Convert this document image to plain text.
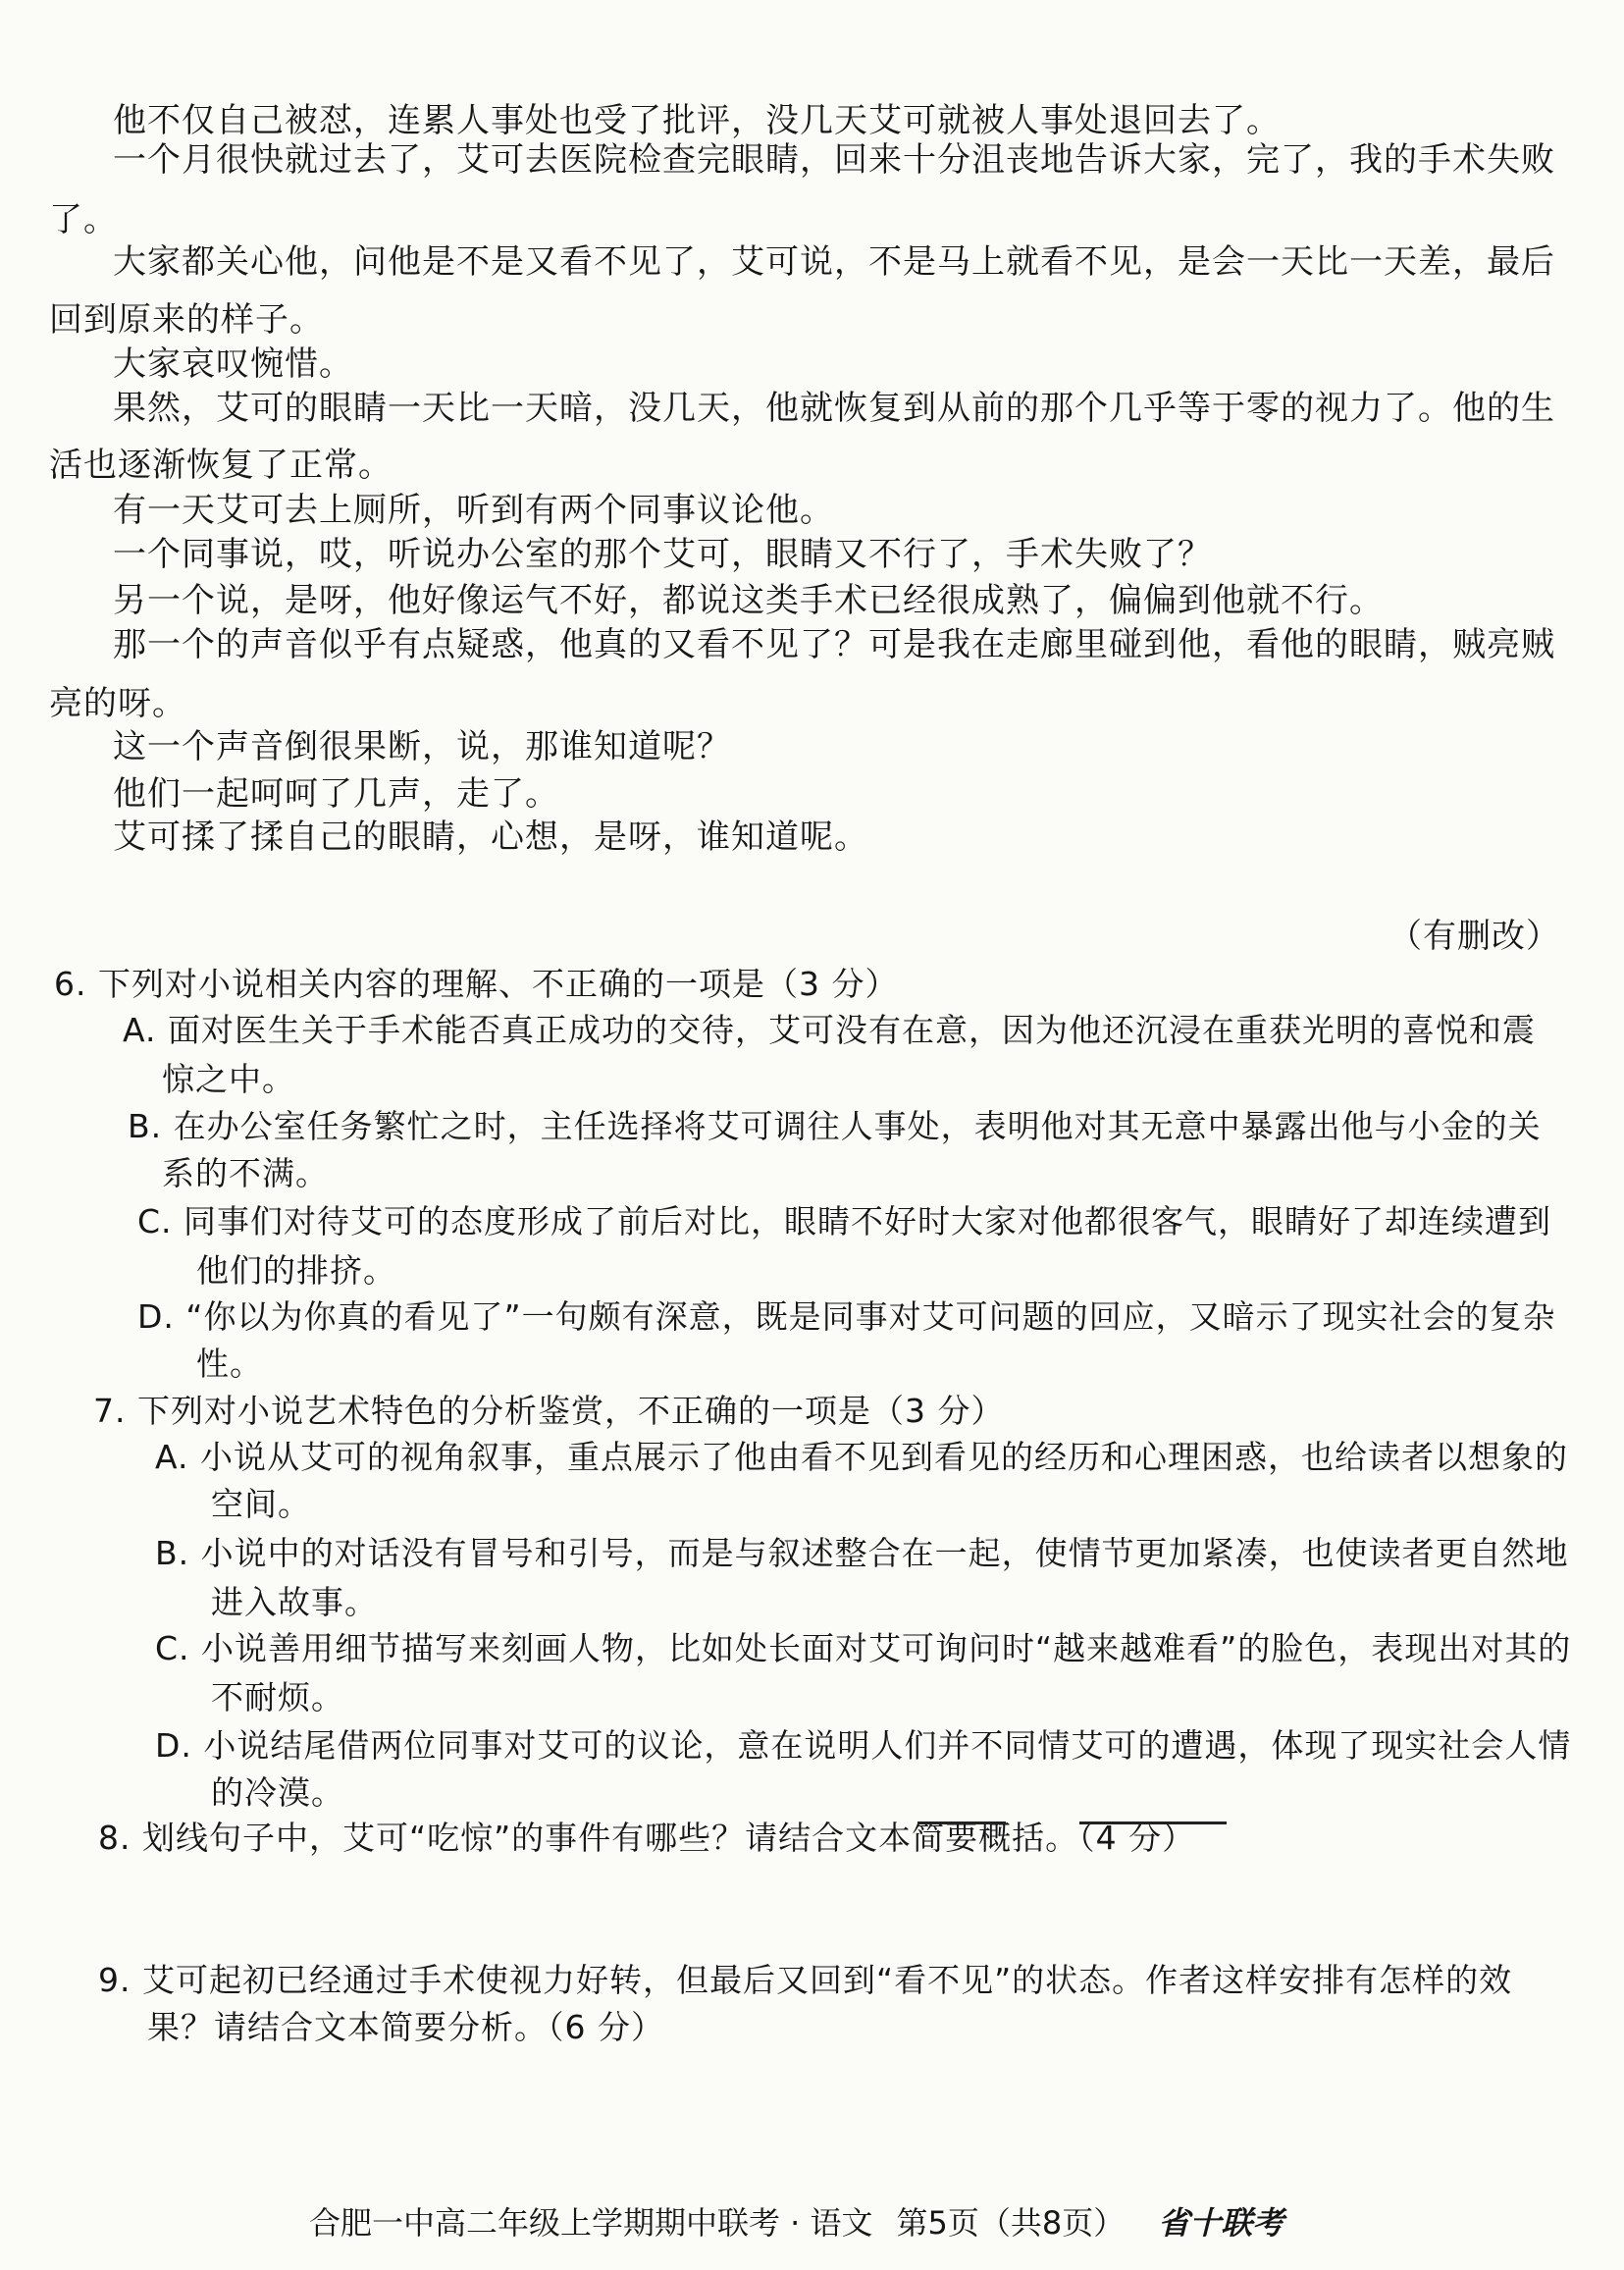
他不仅自己被怼，连累人事处也受了批评，没几天艾可就被人事处退回去了。
一个月很快就过去了，艾可去医院检查完眼睛，回来十分沮丧地告诉大家，完了，我的手术失败
了。
大家都关心他，问他是不是又看不见了，艾可说，不是马上就看不见，是会一天比一天差，最后
回到原来的样子。
大家哀叹惋惜。
果然，艾可的眼睛一天比一天暗，没几天，他就恢复到从前的那个几乎等于零的视力了。他的生
活也逐渐恢复了正常。
有一天艾可去上厕所，听到有两个同事议论他。
一个同事说，哎，听说办公室的那个艾可，眼睛又不行了，手术失败了？
另一个说，是呀，他好像运气不好，都说这类手术已经很成熟了，偏偏到他就不行。
那一个的声音似乎有点疑惑，他真的又看不见了？可是我在走廊里碰到他，看他的眼睛，贼亮贼
亮的呀。
这一个声音倒很果断，说，那谁知道呢？
他们一起呵呵了几声，走了。
艾可揉了揉自己的眼睛，心想，是呀，谁知道呢。
（有删改）
6. 下列对小说相关内容的理解、不正确的一项是（3 分）
A. 面对医生关于手术能否真正成功的交待，艾可没有在意，因为他还沉浸在重获光明的喜悦和震
惊之中。
B. 在办公室任务繁忙之时，主任选择将艾可调往人事处，表明他对其无意中暴露出他与小金的关
系的不满。
C. 同事们对待艾可的态度形成了前后对比，眼睛不好时大家对他都很客气，眼睛好了却连续遭到
他们的排挤。
D. “你以为你真的看见了”一句颇有深意，既是同事对艾可问题的回应，又暗示了现实社会的复杂
性。
7. 下列对小说艺术特色的分析鉴赏，不正确的一项是（3 分）
A. 小说从艾可的视角叙事，重点展示了他由看不见到看见的经历和心理困惑，也给读者以想象的
空间。
B. 小说中的对话没有冒号和引号，而是与叙述整合在一起，使情节更加紧凑，也使读者更自然地
进入故事。
C. 小说善用细节描写来刻画人物，比如处长面对艾可询问时“越来越难看”的脸色，表现出对其的
不耐烦。
D. 小说结尾借两位同事对艾可的议论，意在说明人们并不同情艾可的遭遇，体现了现实社会人情
的冷漠。
8. 划线句子中，艾可“吃惊”的事件有哪些？请结合文本简要概括。（4 分）
9. 艾可起初已经通过手术使视力好转，但最后又回到“看不见”的状态。作者这样安排有怎样的效
果？请结合文本简要分析。（6 分）
合肥一中高二年级上学期期中联考 · 语文 第5页（共8页） 省十联考
